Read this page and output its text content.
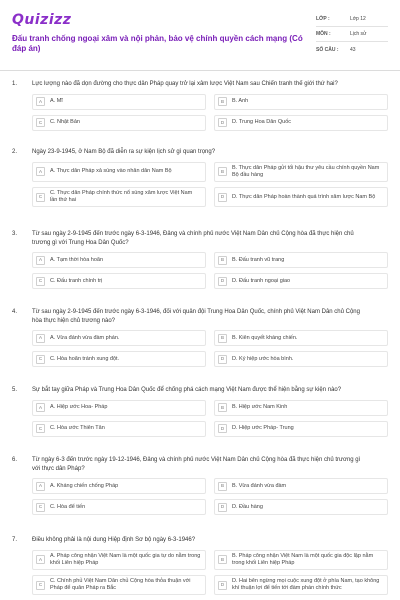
Quizizz
Đấu tranh chống ngoại xâm và nội phản, bảo vệ chính quyền cách mạng (Có đáp án)
LỚP :	Lớp 12
MÔN :	Lịch sử
SỐ CÂU :	43
1.	Lực lượng nào đã dọn đường cho thực dân Pháp quay trở lại xâm lược Việt Nam sau Chiến tranh thế giới thứ hai?
A	A. Mĩ	B	B. Anh
C	C. Nhật Bản	D	D. Trung Hoa Dân Quốc
2.	Ngày 23-9-1945, ở Nam Bộ đã diễn ra sự kiện lịch sử gì quan trọng?
A	A. Thực dân Pháp xả súng vào nhân dân Nam Bộ	B
B. Thực dân Pháp gửi tối hậu thư yêu cầu chính quyền Nam Bộ đầu hàng
C
C. Thực dân Pháp chính thức nổ súng xâm lược Việt Nam lần thứ hai
D	D. Thực dân Pháp hoàn thành quá trình xâm lược Nam Bộ
3.	Từ sau ngày 2-9-1945 đến trước ngày 6-3-1946, Đảng và chính phủ nước Việt Nam Dân chủ Cộng hòa đã thực hiện chủ trương gì với Trung Hoa Dân Quốc?
A	A. Tạm thời hòa hoãn	B	B. Đấu tranh vũ trang
C	C. Đấu tranh chính trị	D	D. Đấu tranh ngoại giao
4.	Từ sau ngày 2-9-1945 đến trước ngày 6-3-1946, đối với quân đội Trung Hoa Dân Quốc, chính phủ Việt Nam Dân chủ Cộng hòa thực hiện chủ trương nào?
A	A. Vừa đánh vừa đàm phán.	B	B. Kiên quyết kháng chiến.
C	C. Hòa hoãn tránh xung đột.	D	D. Ký hiệp ước hòa bình.
5.	Sự bắt tay giữa Pháp và Trung Hoa Dân Quốc để chống phá cách mạng Việt Nam được thể hiện bằng sự kiện nào?
A	A. Hiệp ước Hoa- Pháp	B	B. Hiệp ước Nam Kinh
C	C. Hòa ước Thiên Tân	D	D. Hiệp ước Pháp- Trung
6.	Từ ngày 6-3 đến trước ngày 19-12-1946, Đảng và chính phủ nước Việt Nam Dân chủ Cộng hòa đã thực hiện chủ trương gì với thực dân Pháp?
A	A. Kháng chiến chống Pháp	B	B. Vừa đánh vừa đàm
C	C. Hòa để tiến	D	D. Đầu hàng
7.	Điều không phải là nội dung Hiệp định Sơ bộ ngày 6-3-1946?
A
A. Pháp công nhận Việt Nam là một quốc gia tự do nằm trong khối Liên hiệp Pháp
B
B. Pháp công nhận Việt Nam là một quốc gia độc lập nằm trong khối Liên hiệp Pháp
C
C. Chính phủ Việt Nam Dân chủ Cộng hòa thỏa thuận với Pháp để quân Pháp ra Bắc
D
D. Hai bên ngừng mọi cuộc xung đột ở phía Nam, tạo không khí thuận lợi để tiến tới đàm phán chính thức
